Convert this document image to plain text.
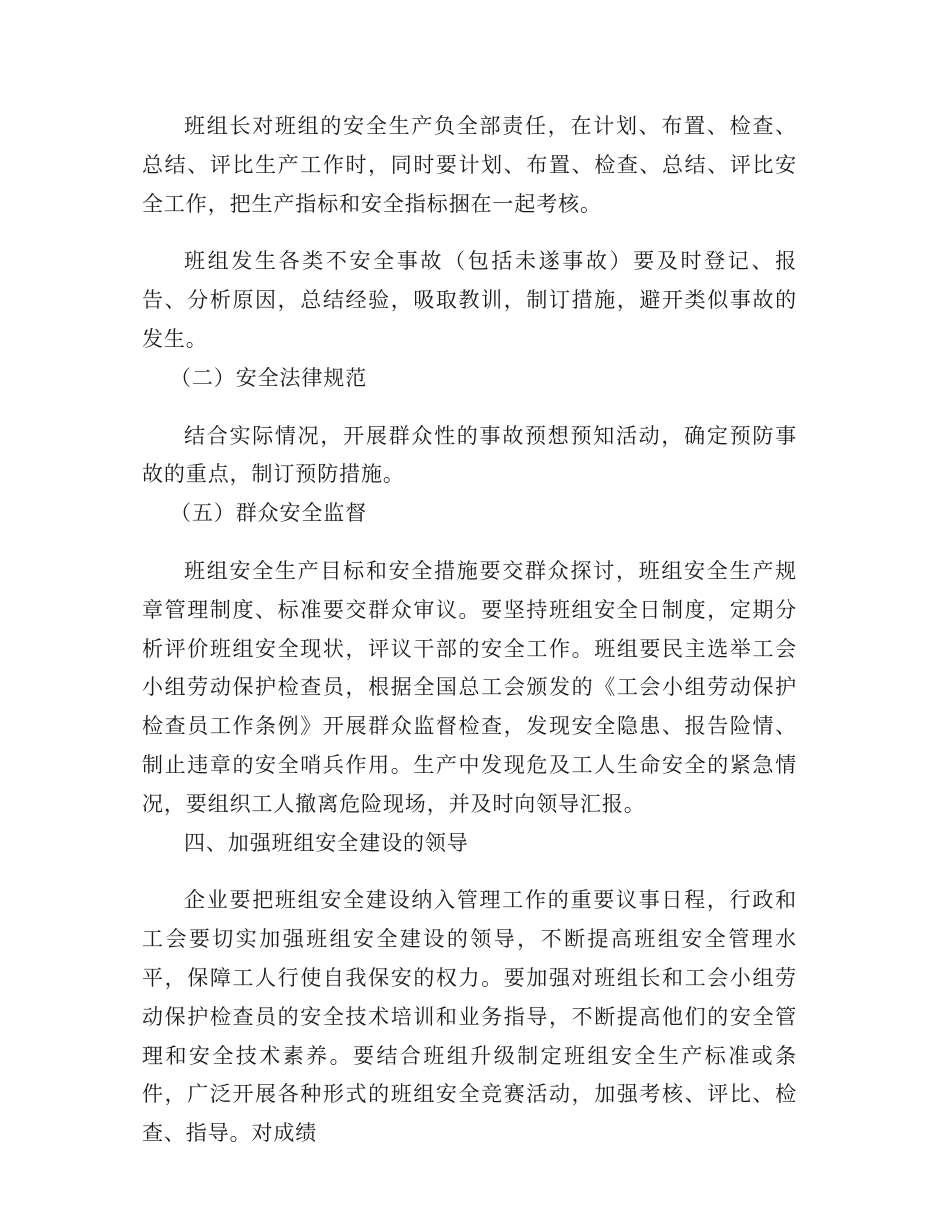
班组长对班组的安全生产负全部责任，在计划、布置、检查、总结、评比生产工作时，同时要计划、布置、检查、总结、评比安全工作，把生产指标和安全指标捆在一起考核。

班组发生各类不安全事故（包括未遂事故）要及时登记、报告、分析原因，总结经验，吸取教训，制订措施，避开类似事故的发生。

（二）安全法律规范

结合实际情况，开展群众性的事故预想预知活动，确定预防事故的重点，制订预防措施。

（五）群众安全监督

班组安全生产目标和安全措施要交群众探讨，班组安全生产规章管理制度、标准要交群众审议。要坚持班组安全日制度，定期分析评价班组安全现状，评议干部的安全工作。班组要民主选举工会小组劳动保护检查员，根据全国总工会颁发的《工会小组劳动保护检查员工作条例》开展群众监督检查，发现安全隐患、报告险情、制止违章的安全哨兵作用。生产中发现危及工人生命安全的紧急情况，要组织工人撤离危险现场，并及时向领导汇报。

四、加强班组安全建设的领导

企业要把班组安全建设纳入管理工作的重要议事日程，行政和工会要切实加强班组安全建设的领导，不断提高班组安全管理水平，保障工人行使自我保安的权力。要加强对班组长和工会小组劳动保护检查员的安全技术培训和业务指导，不断提高他们的安全管理和安全技术素养。要结合班组升级制定班组安全生产标准或条件，广泛开展各种形式的班组安全竞赛活动，加强考核、评比、检查、指导。对成绩
